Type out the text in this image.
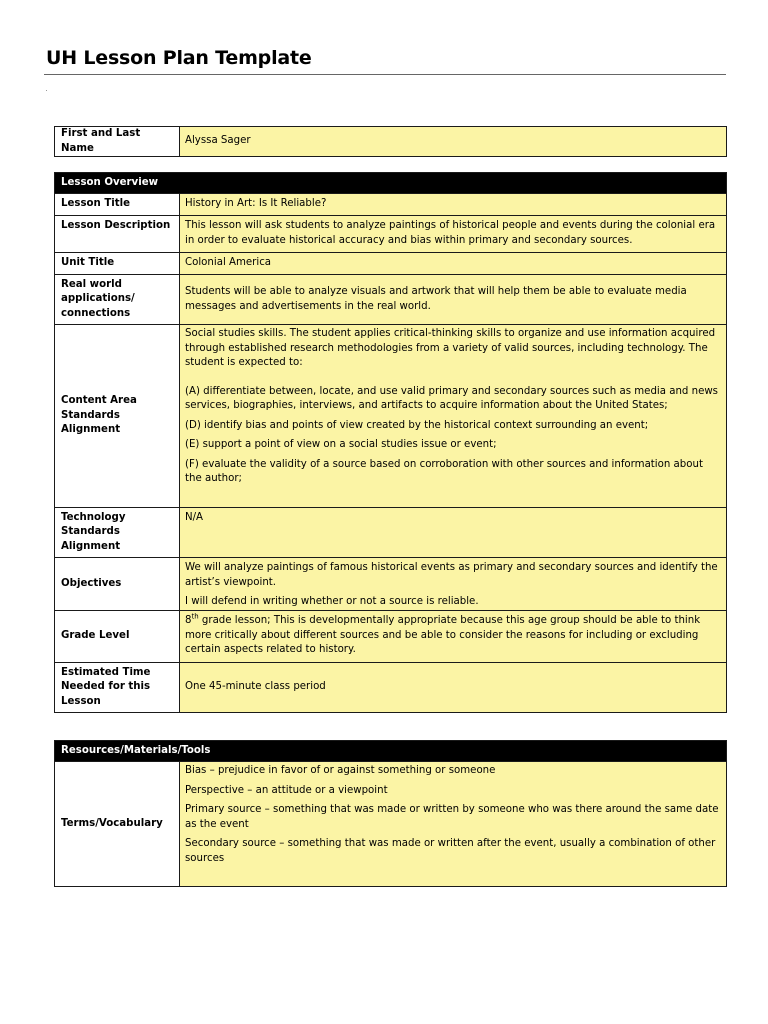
UH Lesson Plan Template
First and Last Name	Alyssa Sager
Lesson Overview	
Lesson Title	History in Art: Is It Reliable?
Lesson Description	This lesson will ask students to analyze paintings of historical people and events during the colonial era in order to evaluate historical accuracy and bias within primary and secondary sources.
Unit Title	Colonial America
Real world applications/ connections	Students will be able to analyze visuals and artwork that will help them be able to evaluate media messages and advertisements in the real world.
Content Area Standards Alignment	Social studies skills. The student applies critical-thinking skills to organize and use information acquired through established research methodologies from a variety of valid sources, including technology. The student is expected to:

(A) differentiate between, locate, and use valid primary and secondary sources such as media and news services, biographies, interviews, and artifacts to acquire information about the United States;

(D) identify bias and points of view created by the historical context surrounding an event;

(E) support a point of view on a social studies issue or event;

(F) evaluate the validity of a source based on corroboration with other sources and information about the author;

Technology Standards Alignment	N/A
Objectives	We will analyze paintings of famous historical events as primary and secondary sources and identify the artist’s viewpoint.

I will defend in writing whether or not a source is reliable.

Grade Level	8th grade lesson; This is developmentally appropriate because this age group should be able to think more critically about different sources and be able to consider the reasons for including or excluding certain aspects related to history.
Estimated Time Needed for this Lesson	One 45-minute class period
Resources/Materials/Tools
Terms/Vocabulary	

Bias – prejudice in favor of or against something or someone

Perspective – an attitude or a viewpoint

Primary source – something that was made or written by someone who was there around the same date as the event

Secondary source – something that was made or written after the event, usually a combination of other sources
